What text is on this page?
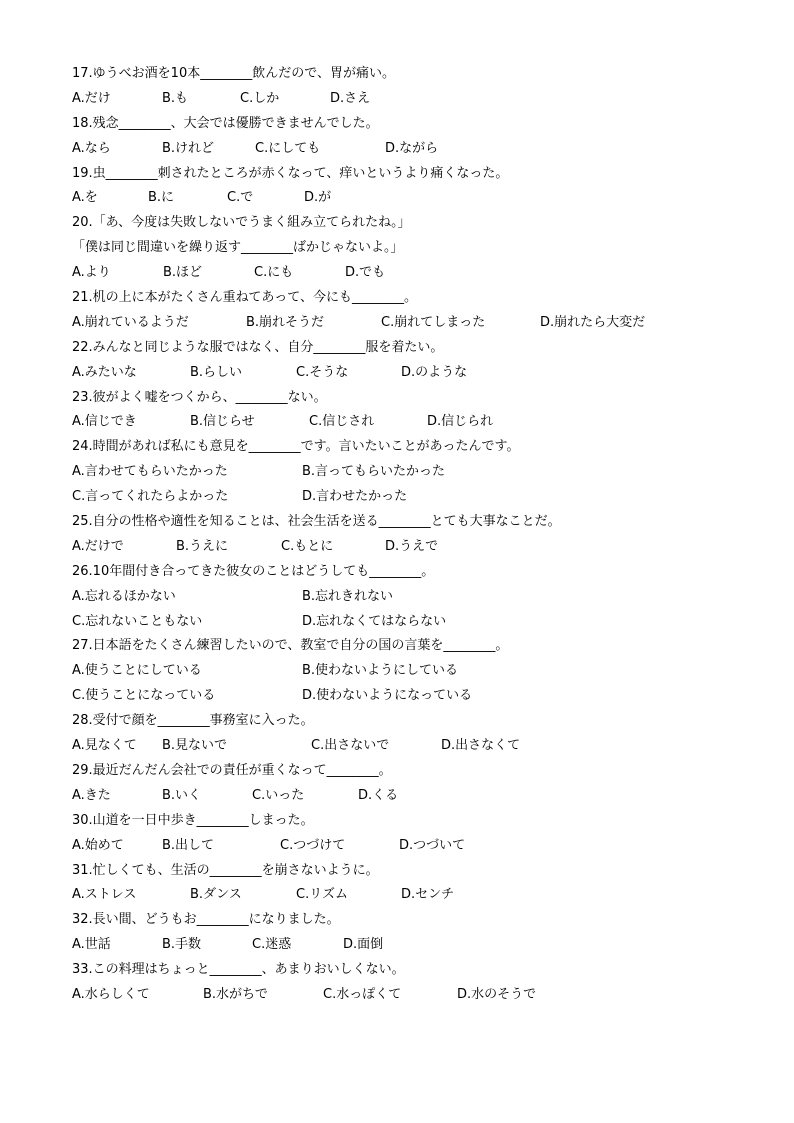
17.ゆうべお酒を10本________飲んだので、胃が痛い。
A.だけ	B.も	C.しか	D.さえ
18.残念________、大会では優勝できませんでした。
A.なら	B.けれど	C.にしても	D.ながら
19.虫________刺されたところが赤くなって、痒いというより痛くなった。
A.を	B.に	C.で	D.が
20.「あ、今度は失敗しないでうまく組み立てられたね。」
「僕は同じ間違いを繰り返す________ばかじゃないよ。」
A.より	B.ほど	C.にも	D.でも
21.机の上に本がたくさん重ねてあって、今にも________。
A.崩れているようだ	B.崩れそうだ	C.崩れてしまった	D.崩れたら大変だ
22.みんなと同じような服ではなく、自分________服を着たい。
A.みたいな	B.らしい	C.そうな	D.のような
23.彼がよく嘘をつくから、________ない。
A.信じでき	B.信じらせ	C.信じされ	D.信じられ
24.時間があれば私にも意見を________です。言いたいことがあったんです。
A.言わせてもらいたかった	B.言ってもらいたかった
C.言ってくれたらよかった	D.言わせたかった
25.自分の性格や適性を知ることは、社会生活を送る________とても大事なことだ。
A.だけで	B.うえに	C.もとに	D.うえで
26.10年間付き合ってきた彼女のことはどうしても________。
A.忘れるほかない	B.忘れきれない
C.忘れないこともない	D.忘れなくてはならない
27.日本語をたくさん練習したいので、教室で自分の国の言葉を________。
A.使うことにしている	B.使わないようにしている
C.使うことになっている	D.使わないようになっている
28.受付で顔を________事務室に入った。
A.見なくて B.見ないで	C.出さないで	D.出さなくて
29.最近だんだん会社での責任が重くなって________。
A.きた	B.いく	C.いった	D.くる
30.山道を一日中歩き________しまった。
A.始めて	B.出して	C.つづけて	D.つづいて
31.忙しくても、生活の________を崩さないように。
A.ストレス	B.ダンス	C.リズム	D.センチ
32.長い間、どうもお________になりました。
A.世話	B.手数	C.迷惑	D.面倒
33.この料理はちょっと________、あまりおいしくない。
A.水らしくて	B.水がちで	C.水っぽくて	D.水のそうで
